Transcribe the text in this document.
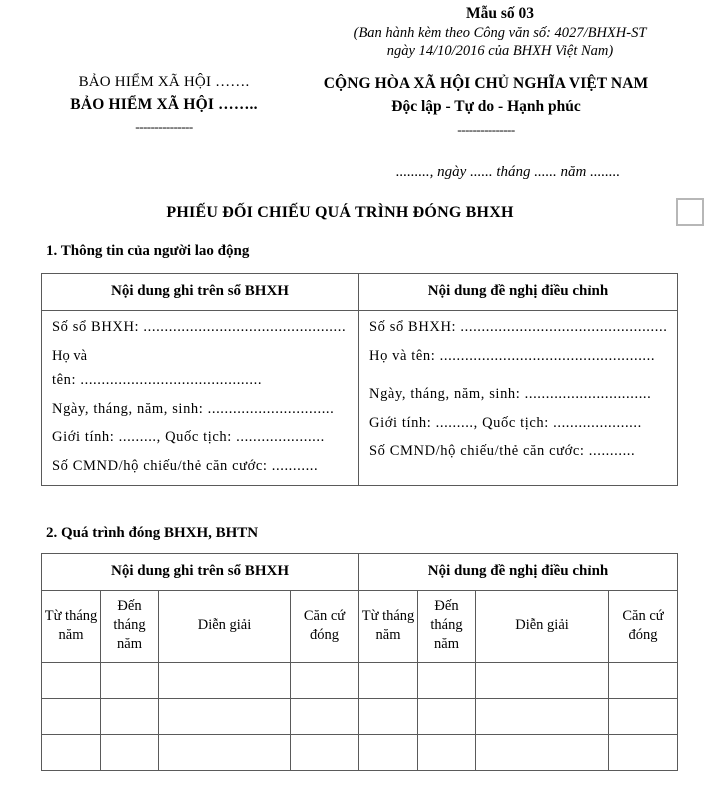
Mẫu số 03
(Ban hành kèm theo Công văn số: 4027/BHXH-ST
ngày 14/10/2016 của BHXH Việt Nam)
BẢO HIỂM XÃ HỘI …….
BẢO HIỂM XÃ HỘI ……..
---------------
CỘNG HÒA XÃ HỘI CHỦ NGHĨA VIỆT NAM
Độc lập - Tự do - Hạnh phúc
---------------
........., ngày ...... tháng ...... năm ........
PHIẾU ĐỐI CHIẾU QUÁ TRÌNH ĐÓNG BHXH
1. Thông tin của người lao động
Nội dung ghi trên sổ BHXH	Nội dung đề nghị điều chỉnh

Số sổ BHXH: ................................................
Họ và
tên: ...........................................
Ngày, tháng, năm, sinh: ..............................
Giới tính: ........., Quốc tịch: .....................
Số CMND/hộ chiếu/thẻ căn cước: ...........

Số sổ BHXH: .................................................
Họ và tên: ...................................................
Ngày, tháng, năm, sinh: ..............................
Giới tính: ........., Quốc tịch: .....................
Số CMND/hộ chiếu/thẻ căn cước: ...........
2. Quá trình đóng BHXH, BHTN
Nội dung ghi trên sổ BHXH				Nội dung đề nghị điều chỉnh			
Từ tháng năm	Đến tháng năm	Diễn giải	Căn cứ đóng	Từ tháng năm	Đến tháng năm	Diễn giải	Căn cứ đóng
